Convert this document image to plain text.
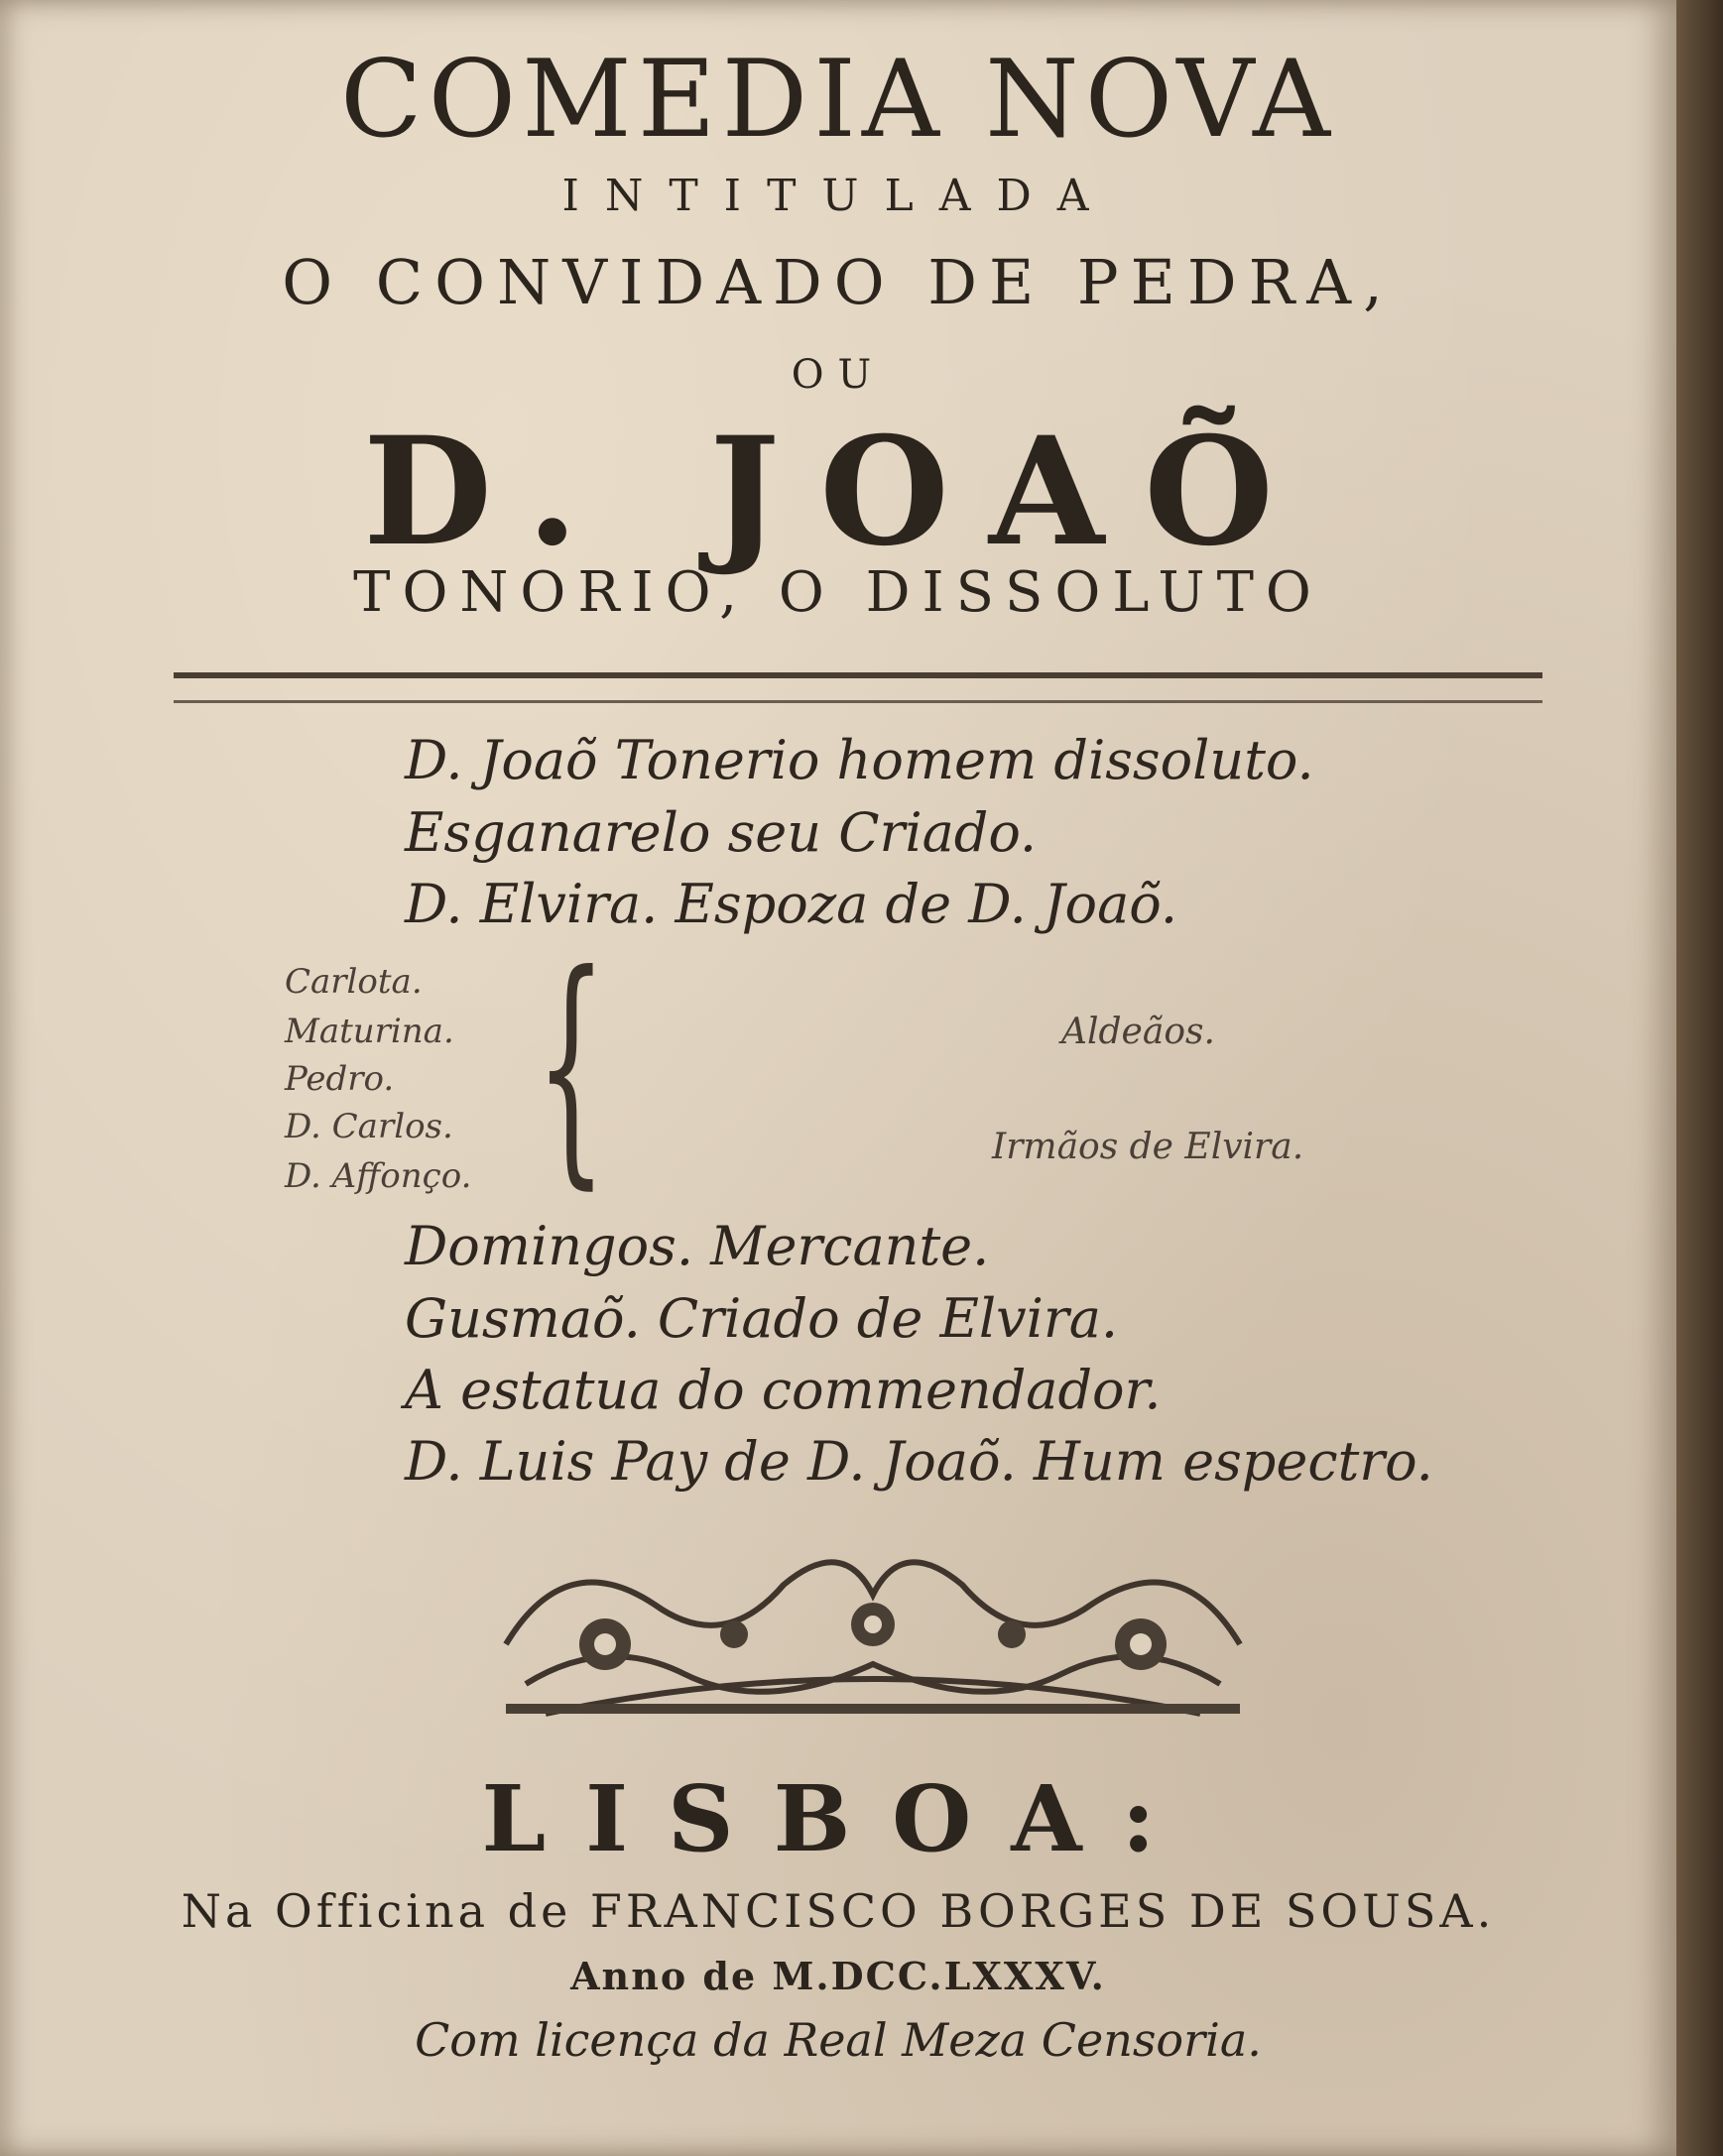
COMEDIA NOVA
INTITULADA
O CONVIDADO DE PEDRA,
OU
D. JOAÕ
TONORIO, O DISSOLUTO
D. Joaõ Tonerio homem dissoluto.
Esganarelo seu Criado.
D. Elvira. Espoza de D. Joaõ.
Carlota.
Maturina.
Pedro.
D. Carlos.
D. Affonço. {	Aldeãos.
Irmãos de Elvira.
Domingos. Mercante.
Gusmaõ. Criado de Elvira.
A estatua do commendador.
D. Luis Pay de D. Joaõ. Hum espectro.
LISBOA:
Na Officina de FRANCISCO BORGES DE SOUSA.
Anno de M.DCC.LXXXV.
Com licença da Real Meza Censoria.
